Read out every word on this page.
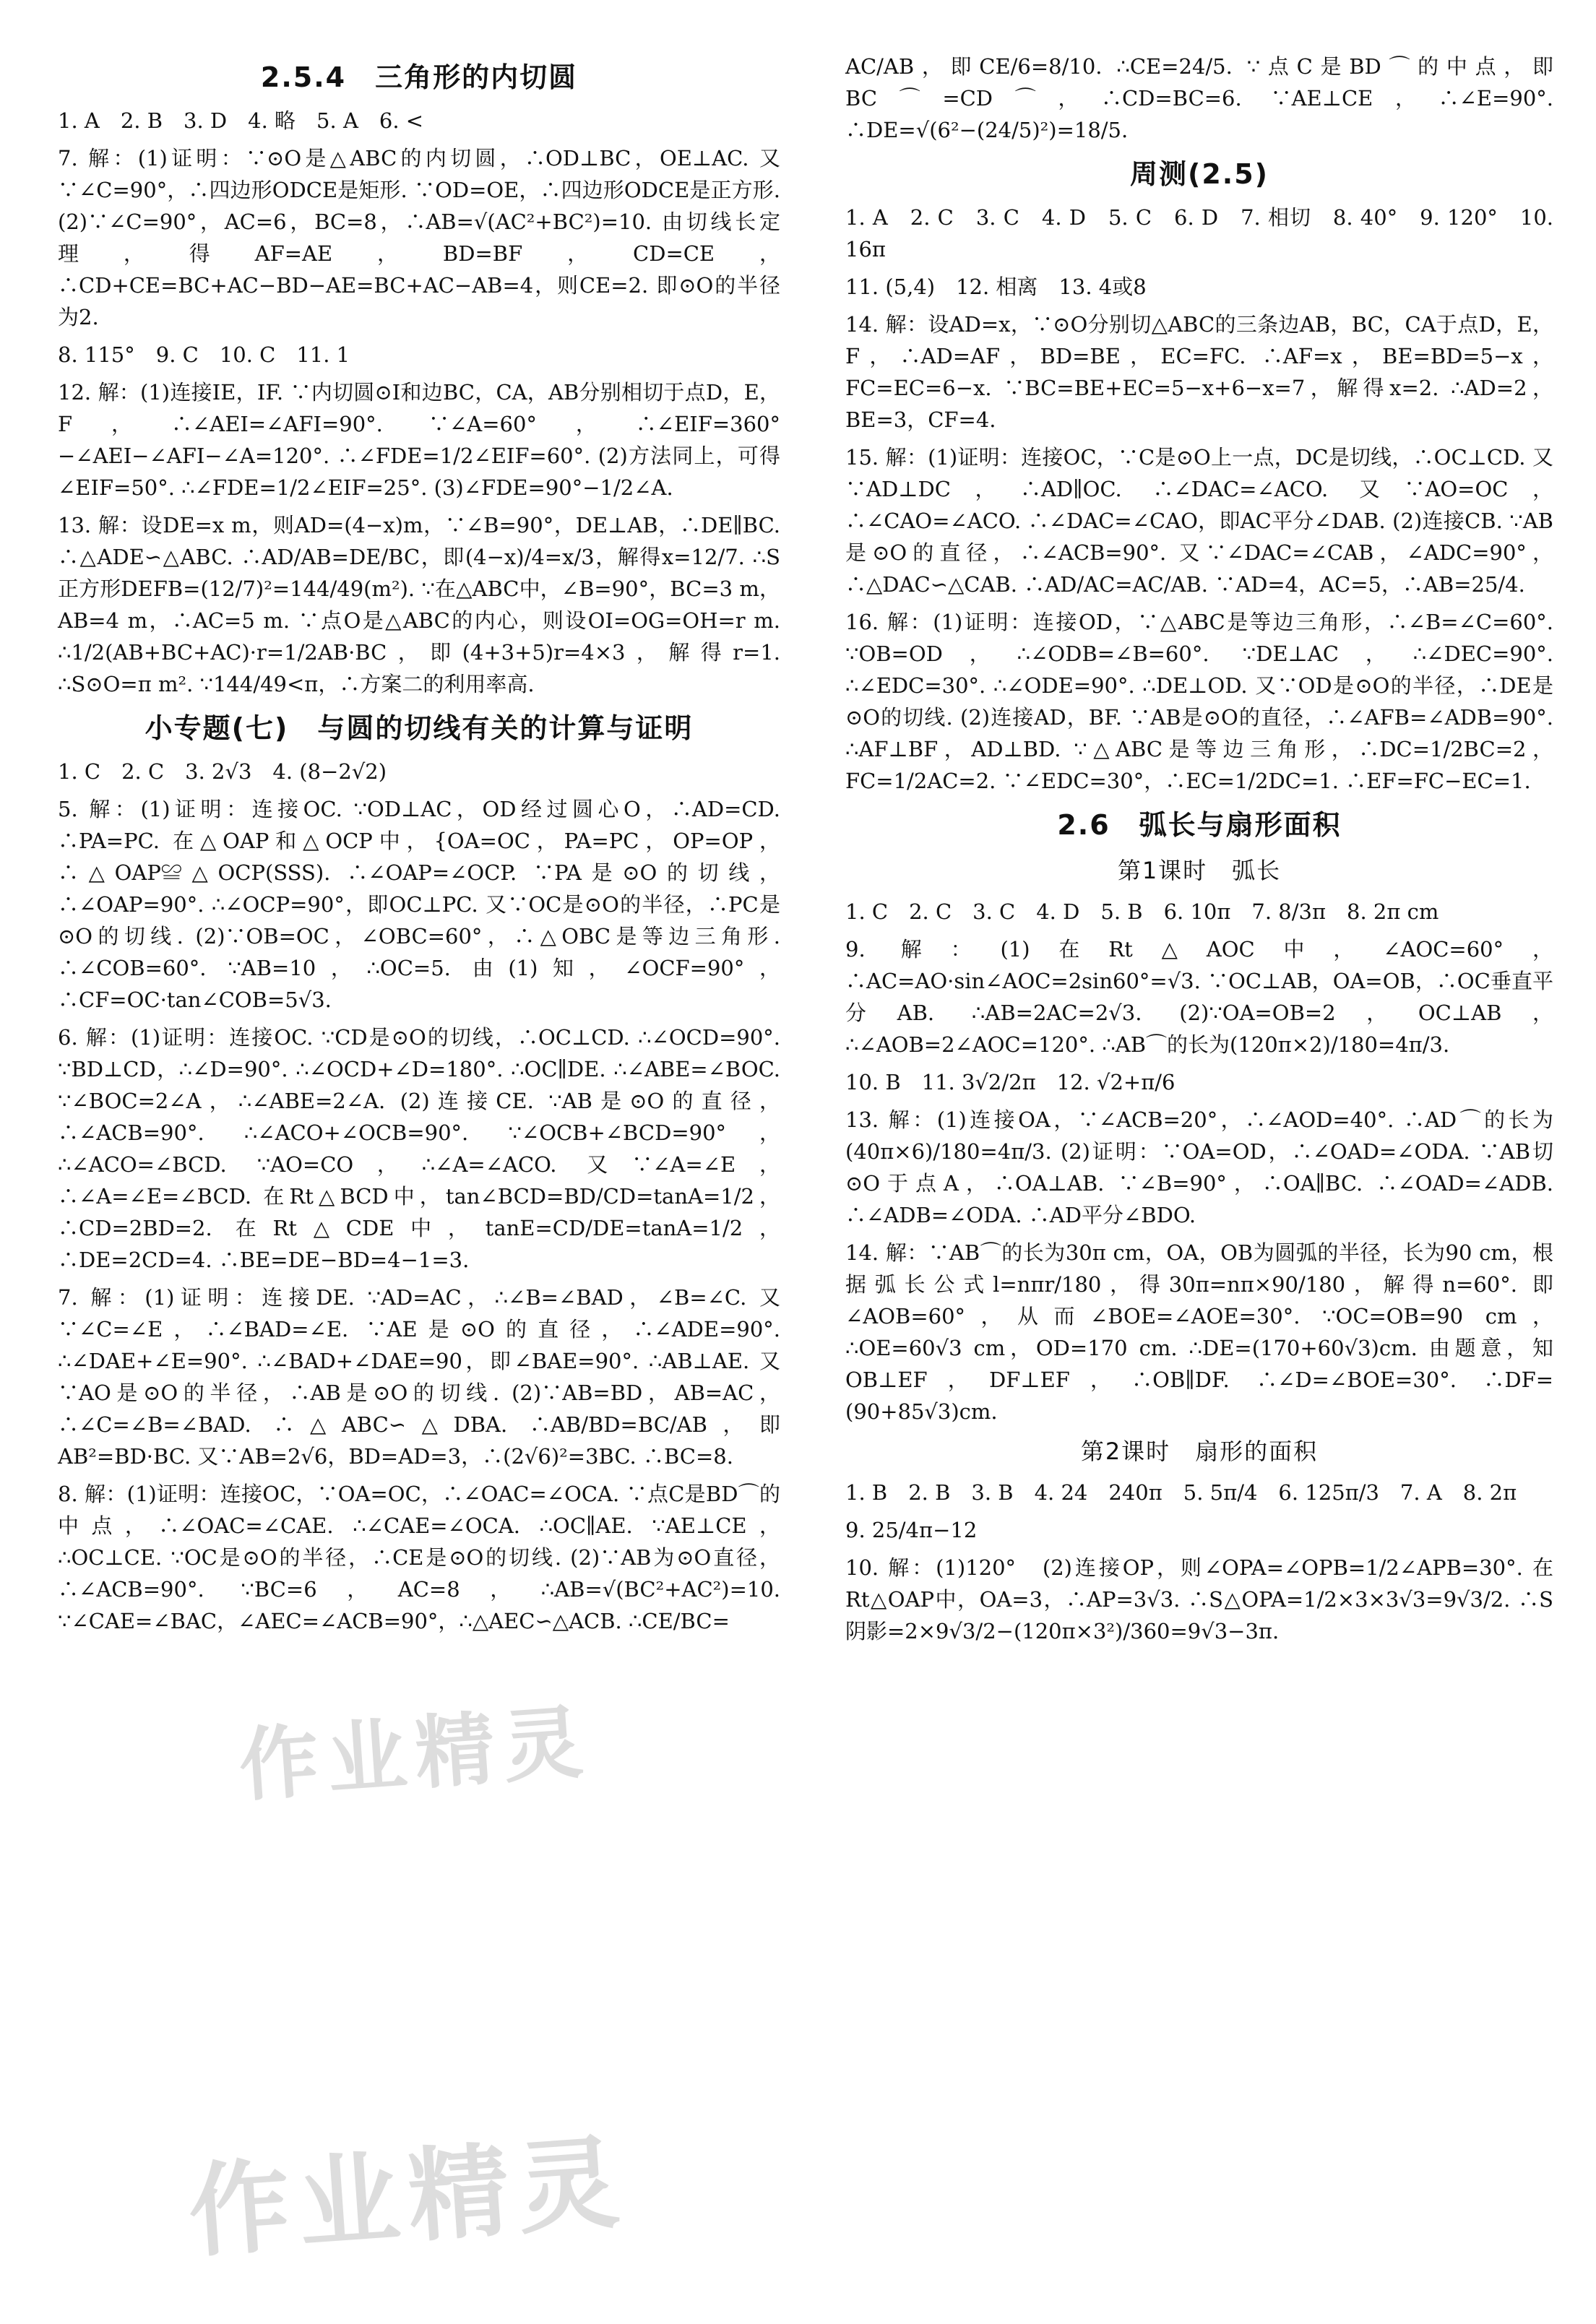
2.5.4　三角形的内切圆

1. A　2. B　3. D　4. 略　5. A　6. <

7. 解：(1)证明：∵⊙O是△ABC的内切圆，∴OD⊥BC，OE⊥AC. 又∵∠C=90°，∴四边形ODCE是矩形. ∵OD=OE，∴四边形ODCE是正方形. (2)∵∠C=90°，AC=6，BC=8，∴AB=√(AC²+BC²)=10. 由切线长定理，得AF=AE，BD=BF，CD=CE，∴CD+CE=BC+AC−BD−AE=BC+AC−AB=4，则CE=2. 即⊙O的半径为2.

8. 115°　9. C　10. C　11. 1

12. 解：(1)连接IE，IF. ∵内切圆⊙I和边BC，CA，AB分别相切于点D，E，F，∴∠AEI=∠AFI=90°. ∵∠A=60°，∴∠EIF=360°−∠AEI−∠AFI−∠A=120°. ∴∠FDE=1/2∠EIF=60°. (2)方法同上，可得∠EIF=50°. ∴∠FDE=1/2∠EIF=25°. (3)∠FDE=90°−1/2∠A.

13. 解：设DE=x m，则AD=(4−x)m，∵∠B=90°，DE⊥AB，∴DE∥BC. ∴△ADE∽△ABC. ∴AD/AB=DE/BC，即(4−x)/4=x/3，解得x=12/7. ∴S正方形DEFB=(12/7)²=144/49(m²). ∵在△ABC中，∠B=90°，BC=3 m，AB=4 m，∴AC=5 m. ∵点O是△ABC的内心，则设OI=OG=OH=r m. ∴1/2(AB+BC+AC)·r=1/2AB·BC，即(4+3+5)r=4×3，解得r=1. ∴S⊙O=π m². ∵144/49<π，∴方案二的利用率高.

小专题(七)　与圆的切线有关的计算与证明

1. C　2. C　3. 2√3　4. (8−2√2)

5. 解：(1)证明：连接OC. ∵OD⊥AC，OD经过圆心O，∴AD=CD. ∴PA=PC. 在△OAP和△OCP中，{OA=OC，PA=PC，OP=OP，∴△OAP≌△OCP(SSS). ∴∠OAP=∠OCP. ∵PA是⊙O的切线，∴∠OAP=90°. ∴∠OCP=90°，即OC⊥PC. 又∵OC是⊙O的半径，∴PC是⊙O的切线. (2)∵OB=OC，∠OBC=60°，∴△OBC是等边三角形. ∴∠COB=60°. ∵AB=10，∴OC=5. 由(1)知，∠OCF=90°，∴CF=OC·tan∠COB=5√3.

6. 解：(1)证明：连接OC. ∵CD是⊙O的切线，∴OC⊥CD. ∴∠OCD=90°. ∵BD⊥CD，∴∠D=90°. ∴∠OCD+∠D=180°. ∴OC∥DE. ∴∠ABE=∠BOC. ∵∠BOC=2∠A，∴∠ABE=2∠A. (2)连接CE. ∵AB是⊙O的直径，∴∠ACB=90°. ∴∠ACO+∠OCB=90°. ∵∠OCB+∠BCD=90°，∴∠ACO=∠BCD. ∵AO=CO，∴∠A=∠ACO. 又∵∠A=∠E，∴∠A=∠E=∠BCD. 在Rt△BCD中，tan∠BCD=BD/CD=tanA=1/2，∴CD=2BD=2. 在Rt△CDE中，tanE=CD/DE=tanA=1/2，∴DE=2CD=4. ∴BE=DE−BD=4−1=3.

7. 解：(1)证明：连接DE. ∵AD=AC，∴∠B=∠BAD，∠B=∠C. 又∵∠C=∠E，∴∠BAD=∠E. ∵AE是⊙O的直径，∴∠ADE=90°. ∴∠DAE+∠E=90°. ∴∠BAD+∠DAE=90，即∠BAE=90°. ∴AB⊥AE. 又∵AO是⊙O的半径，∴AB是⊙O的切线. (2)∵AB=BD，AB=AC，∴∠C=∠B=∠BAD. ∴△ABC∽△DBA. ∴AB/BD=BC/AB，即AB²=BD·BC. 又∵AB=2√6，BD=AD=3，∴(2√6)²=3BC. ∴BC=8.

8. 解：(1)证明：连接OC，∵OA=OC，∴∠OAC=∠OCA. ∵点C是BD⌒的中点，∴∠OAC=∠CAE. ∴∠CAE=∠OCA. ∴OC∥AE. ∵AE⊥CE，∴OC⊥CE. ∵OC是⊙O的半径，∴CE是⊙O的切线. (2)∵AB为⊙O直径，∴∠ACB=90°. ∵BC=6，AC=8，∴AB=√(BC²+AC²)=10. ∵∠CAE=∠BAC，∠AEC=∠ACB=90°，∴△AEC∽△ACB. ∴CE/BC=

AC/AB，即CE/6=8/10. ∴CE=24/5. ∵点C是BD⌒的中点，即BC⌒=CD⌒，∴CD=BC=6. ∵AE⊥CE，∴∠E=90°. ∴DE=√(6²−(24/5)²)=18/5.

周测(2.5)

1. A　2. C　3. C　4. D　5. C　6. D　7. 相切　8. 40°　9. 120°　10. 16π

11. (5,4)　12. 相离　13. 4或8

14. 解：设AD=x，∵⊙O分别切△ABC的三条边AB，BC，CA于点D，E，F，∴AD=AF，BD=BE，EC=FC. ∴AF=x，BE=BD=5−x，FC=EC=6−x. ∵BC=BE+EC=5−x+6−x=7，解得x=2. ∴AD=2，BE=3，CF=4.

15. 解：(1)证明：连接OC，∵C是⊙O上一点，DC是切线，∴OC⊥CD. 又∵AD⊥DC，∴AD∥OC. ∴∠DAC=∠ACO. 又∵AO=OC，∴∠CAO=∠ACO. ∴∠DAC=∠CAO，即AC平分∠DAB. (2)连接CB. ∵AB是⊙O的直径，∴∠ACB=90°. 又∵∠DAC=∠CAB，∠ADC=90°，∴△DAC∽△CAB. ∴AD/AC=AC/AB. ∵AD=4，AC=5，∴AB=25/4.

16. 解：(1)证明：连接OD，∵△ABC是等边三角形，∴∠B=∠C=60°. ∵OB=OD，∴∠ODB=∠B=60°. ∵DE⊥AC，∴∠DEC=90°. ∴∠EDC=30°. ∴∠ODE=90°. ∴DE⊥OD. 又∵OD是⊙O的半径，∴DE是⊙O的切线. (2)连接AD，BF. ∵AB是⊙O的直径，∴∠AFB=∠ADB=90°. ∴AF⊥BF，AD⊥BD. ∵△ABC是等边三角形，∴DC=1/2BC=2，FC=1/2AC=2. ∵∠EDC=30°，∴EC=1/2DC=1. ∴EF=FC−EC=1.

2.6　弧长与扇形面积
第1课时　弧长

1. C　2. C　3. C　4. D　5. B　6. 10π　7. 8/3π　8. 2π cm

9. 解：(1)在Rt△AOC中，∠AOC=60°，∴AC=AO·sin∠AOC=2sin60°=√3. ∵OC⊥AB，OA=OB，∴OC垂直平分AB. ∴AB=2AC=2√3. (2)∵OA=OB=2，OC⊥AB，∴∠AOB=2∠AOC=120°. ∴AB⌒的长为(120π×2)/180=4π/3.

10. B　11. 3√2/2π　12. √2+π/6

13. 解：(1)连接OA，∵∠ACB=20°，∴∠AOD=40°. ∴AD⌒的长为(40π×6)/180=4π/3. (2)证明：∵OA=OD，∴∠OAD=∠ODA. ∵AB切⊙O于点A，∴OA⊥AB. ∵∠B=90°，∴OA∥BC. ∴∠OAD=∠ADB. ∴∠ADB=∠ODA. ∴AD平分∠BDO.

14. 解：∵AB⌒的长为30π cm，OA，OB为圆弧的半径，长为90 cm，根据弧长公式l=nπr/180，得30π=nπ×90/180，解得n=60°. 即∠AOB=60°，从而∠BOE=∠AOE=30°. ∵OC=OB=90 cm，∴OE=60√3 cm，OD=170 cm. ∴DE=(170+60√3)cm. 由题意，知OB⊥EF，DF⊥EF，∴OB∥DF. ∴∠D=∠BOE=30°. ∴DF=(90+85√3)cm.

第2课时　扇形的面积

1. B　2. B　3. B　4. 24　240π　5. 5π/4　6. 125π/3　7. A　8. 2π

9. 25/4π−12

10. 解：(1)120°　(2)连接OP，则∠OPA=∠OPB=1/2∠APB=30°. 在Rt△OAP中，OA=3，∴AP=3√3. ∴S△OPA=1/2×3×3√3=9√3/2. ∴S阴影=2×9√3/2−(120π×3²)/360=9√3−3π.

作业精灵
作业精灵
